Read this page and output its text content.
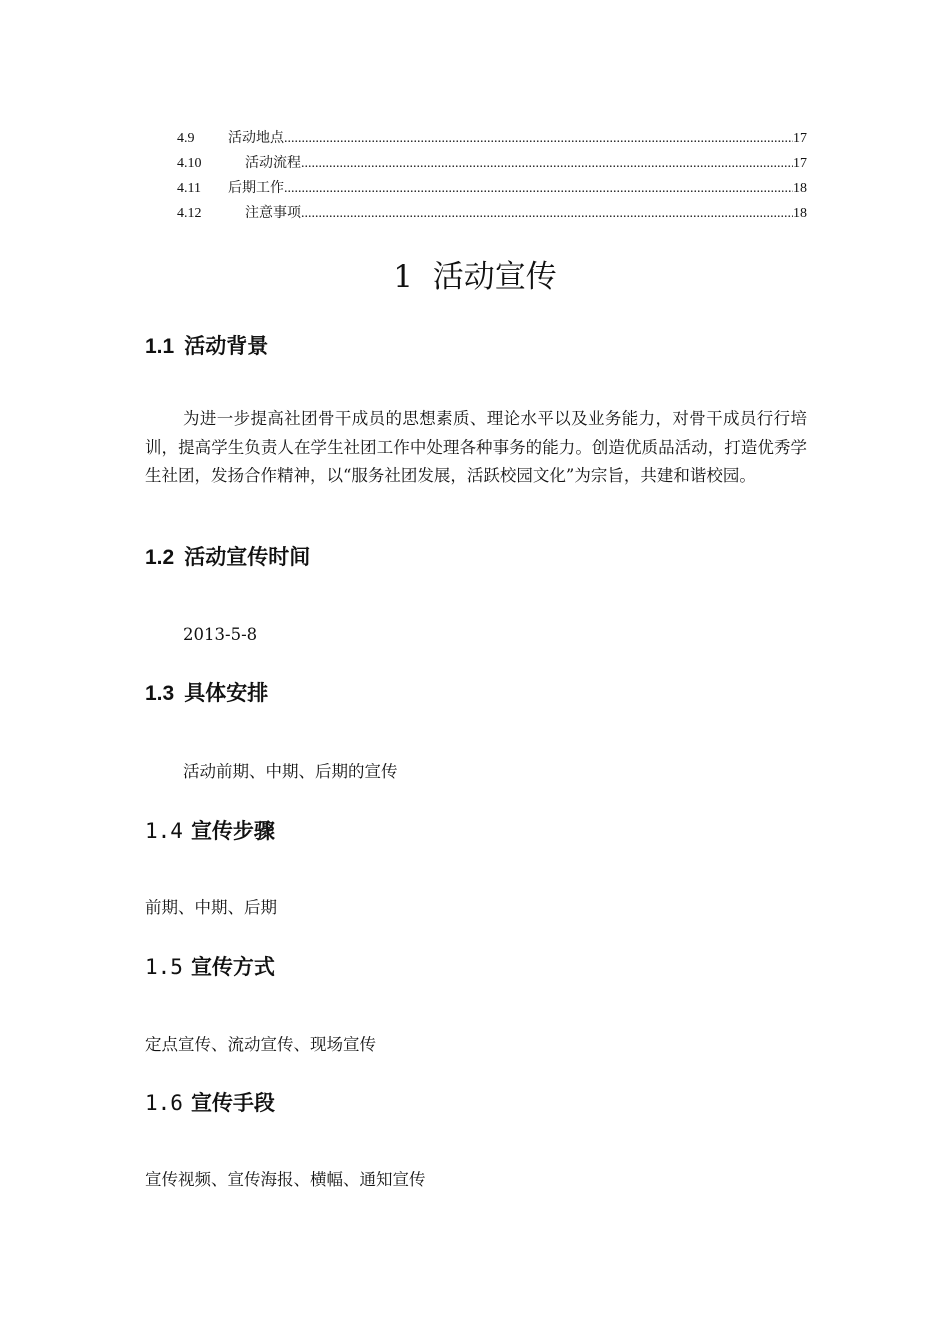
4.9	活动地点 .....	17
4.10	活动流程 .....	17
4.11	后期工作 .....	18
4.12	注意事项 .....	18
1 活动宣传
1.1 活动背景
为进一步提高社团骨干成员的思想素质、理论水平以及业务能力，对骨干成员行行培训，提高学生负责人在学生社团工作中处理各种事务的能力。创造优质品活动，打造优秀学生社团，发扬合作精神，以“服务社团发展，活跃校园文化”为宗旨，共建和谐校园。
1.2 活动宣传时间
2013-5-8
1.3 具体安排
活动前期、中期、后期的宣传
1.4 宣传步骤
前期、中期、后期
1.5 宣传方式
定点宣传、流动宣传、现场宣传
1.6 宣传手段
宣传视频、宣传海报、横幅、通知宣传
